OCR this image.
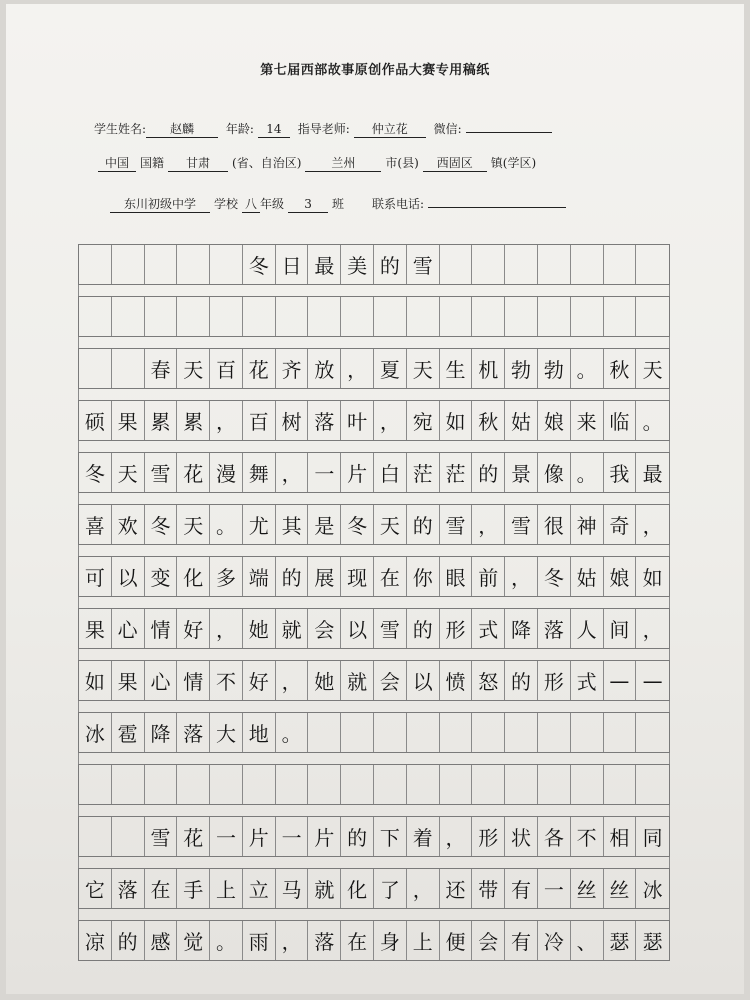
第七届西部故事原创作品大赛专用稿纸
学生姓名: 赵麟	年龄: 14 指导老师: 仲立花 微信:
中国 国籍 甘肃 (省、自治区) 兰州	市(县) 西固区 镇(学区)
东川初级中学 学校 八 年级 3 班 联系电话:
冬 日 最 美 的 雪
春 天 百 花 齐 放 ， 夏 天 生 机 勃 勃 。 秋 天
硕 果 累 累 ， 百 树 落 叶 ， 宛 如 秋 姑 娘 来 临 。
冬 天 雪 花 漫 舞 ， 一 片 白 茫 茫 的 景 像 。 我 最
喜 欢 冬 天 。 尤 其 是 冬 天 的 雪 ， 雪 很 神 奇 ，
可 以 变 化 多 端 的 展 现 在 你 眼 前 ， 冬 姑 娘 如
果 心 情 好 ， 她 就 会 以 雪 的 形 式 降 落 人 间 ，
如 果 心 情 不 好 ， 她 就 会 以 愤 怒 的 形 式 — —
冰 雹 降 落 大 地 。
雪 花 一 片 一 片 的 下 着 ， 形 状 各 不 相 同
它 落 在 手 上 立 马 就 化 了 ， 还 带 有 一 丝 丝 冰
凉 的 感 觉 。 雨 ， 落 在 身 上 便 会 有 冷 、 瑟 瑟
